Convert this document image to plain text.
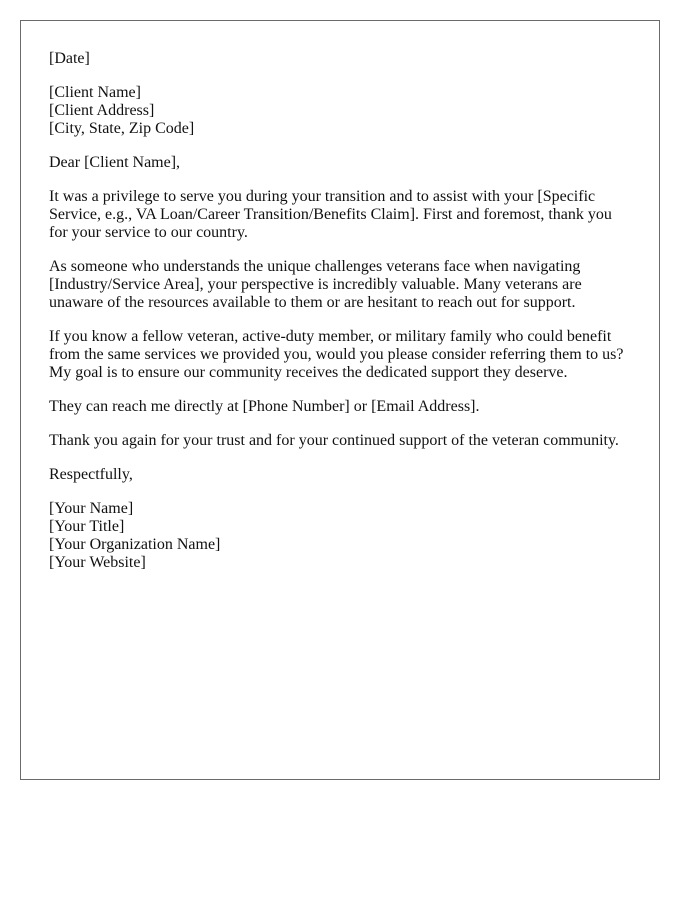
[Date]
[Client Name]
[Client Address]
[City, State, Zip Code]

Dear [Client Name],

It was a privilege to serve you during your transition and to assist with your [Specific Service, e.g., VA Loan/Career Transition/Benefits Claim]. First and foremost, thank you for your service to our country.

As someone who understands the unique challenges veterans face when navigating [Industry/Service Area], your perspective is incredibly valuable. Many veterans are unaware of the resources available to them or are hesitant to reach out for support.

If you know a fellow veteran, active-duty member, or military family who could benefit from the same services we provided you, would you please consider referring them to us? My goal is to ensure our community receives the dedicated support they deserve.

They can reach me directly at [Phone Number] or [Email Address].

Thank you again for your trust and for your continued support of the veteran community.

Respectfully,

[Your Name]
[Your Title]
[Your Organization Name]
[Your Website]
